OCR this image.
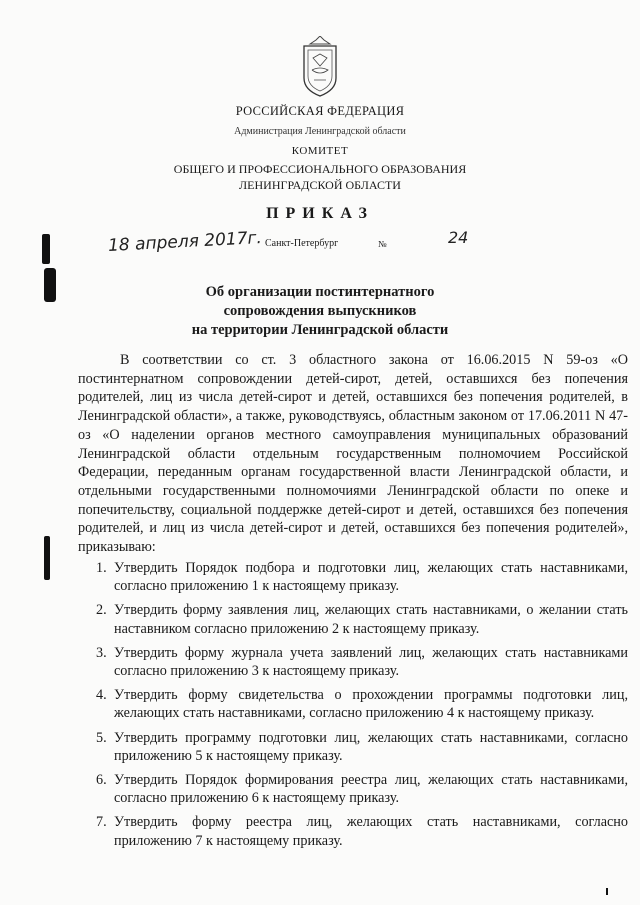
РОССИЙСКАЯ ФЕДЕРАЦИЯ
Администрация Ленинградской области
КОМИТЕТ
ОБЩЕГО И ПРОФЕССИОНАЛЬНОГО ОБРАЗОВАНИЯ
ЛЕНИНГРАДСКОЙ ОБЛАСТИ
ПРИКАЗ
18 апреля 2017г. Санкт-Петербург	№	24
Об организации постинтернатного
сопровождения выпускников
на территории Ленинградской области

В соответствии со ст. 3 областного закона от 16.06.2015 N 59-оз «О постинтернатном сопровождении детей-сирот, детей, оставшихся без попечения родителей, лиц из числа детей-сирот и детей, оставшихся без попечения родителей, в Ленинградской области», а также, руководствуясь, областным законом от 17.06.2011 N 47-оз «О наделении органов местного самоуправления муниципальных образований Ленинградской области отдельным государственным полномочием Российской Федерации, переданным органам государственной власти Ленинградской области, и отдельными государственными полномочиями Ленинградской области по опеке и попечительству, социальной поддержке детей-сирот и детей, оставшихся без попечения родителей, и лиц из числа детей-сирот и детей, оставшихся без попечения родителей», приказываю:

1. Утвердить Порядок подбора и подготовки лиц, желающих стать наставниками, согласно приложению 1 к настоящему приказу.
2. Утвердить форму заявления лиц, желающих стать наставниками, о желании стать наставником согласно приложению 2 к настоящему приказу.
3. Утвердить форму журнала учета заявлений лиц, желающих стать наставниками согласно приложению 3 к настоящему приказу.
4. Утвердить форму свидетельства о прохождении программы подготовки лиц, желающих стать наставниками, согласно приложению 4 к настоящему приказу.
5. Утвердить программу подготовки лиц, желающих стать наставниками, согласно приложению 5 к настоящему приказу.
6. Утвердить Порядок формирования реестра лиц, желающих стать наставниками, согласно приложению 6 к настоящему приказу.
7. Утвердить форму реестра лиц, желающих стать наставниками, согласно приложению 7 к настоящему приказу.
